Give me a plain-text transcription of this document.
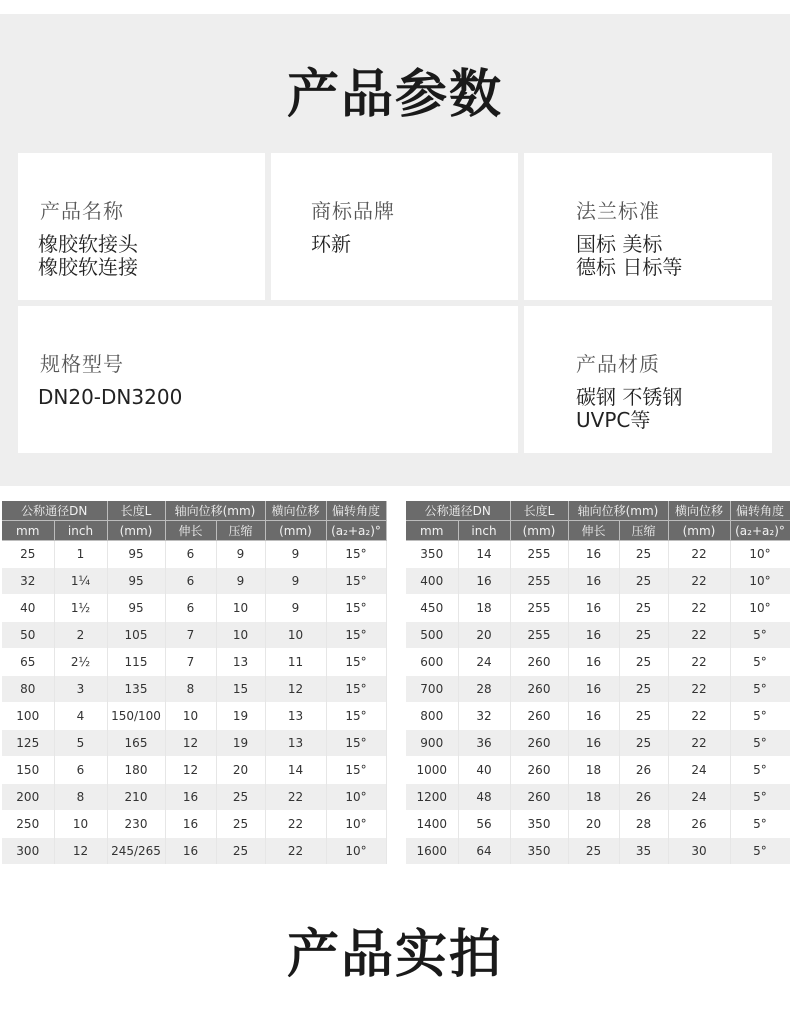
产品参数
产品名称
橡胶软接头
橡胶软连接
商标品牌
环新
法兰标准
国标 美标
德标 日标等
规格型号
DN20-DN3200
产品材质
碳钢 不锈钢
UVPC等
公称通径DN		长度L	轴向位移(mm)		横向位移	偏转角度
mm	inch	(mm)	伸长	压缩	(mm)	(a₂+a₂)°
25	1	95	6	9	9	15°
32	1¼	95	6	9	9	15°
40	1½	95	6	10	9	15°
50	2	105	7	10	10	15°
65	2½	115	7	13	11	15°
80	3	135	8	15	12	15°
100	4	150/100	10	19	13	15°
125	5	165	12	19	13	15°
150	6	180	12	20	14	15°
200	8	210	16	25	22	10°
250	10	230	16	25	22	10°
300	12	245/265	16	25	22	10°
公称通径DN		长度L	轴向位移(mm)		横向位移	偏转角度
mm	inch	(mm)	伸长	压缩	(mm)	(a₂+a₂)°
350	14	255	16	25	22	10°
400	16	255	16	25	22	10°
450	18	255	16	25	22	10°
500	20	255	16	25	22	5°
600	24	260	16	25	22	5°
700	28	260	16	25	22	5°
800	32	260	16	25	22	5°
900	36	260	16	25	22	5°
1000	40	260	18	26	24	5°
1200	48	260	18	26	24	5°
1400	56	350	20	28	26	5°
1600	64	350	25	35	30	5°
产品实拍
